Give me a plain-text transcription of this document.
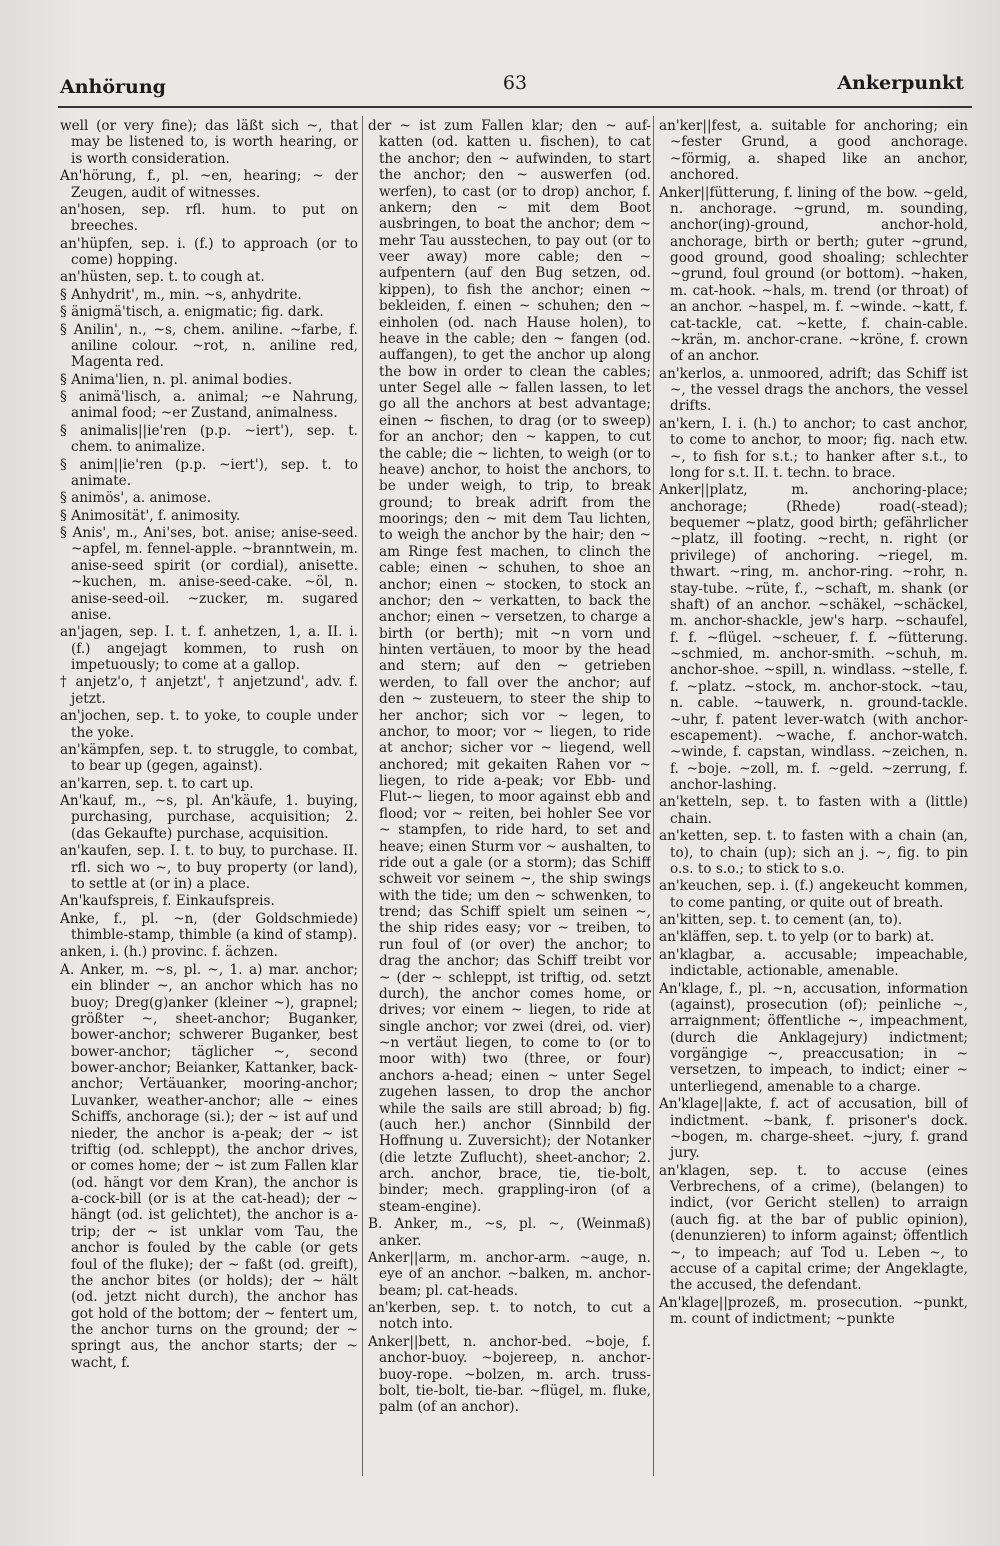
Anhörung	63	Ankerpunkt

well (or very fine); das läßt sich ~, that may be listened to, is worth hearing, or is worth consideration.

An'hörung, f., pl. ~en, hearing; ~ der Zeugen, audit of witnesses.

an'hosen, sep. rfl. hum. to put on breeches.

an'hüpfen, sep. i. (f.) to approach (or to come) hopping.

an'hüsten, sep. t. to cough at.

§ Anhydrit', m., min. ~s, anhydrite.

§ änigmä'tisch, a. enigmatic; fig. dark.

§ Anilin', n., ~s, chem. aniline. ~farbe, f. aniline colour. ~rot, n. aniline red, Magenta red.

§ Anima'lien, n. pl. animal bodies.

§ animä'lisch, a. animal; ~e Nahrung, animal food; ~er Zustand, animalness.

§ animalis||ie'ren (p.p. ~iert'), sep. t. chem. to animalize.

§ anim||ie'ren (p.p. ~iert'), sep. t. to animate.

§ animös', a. animose.

§ Animosität', f. animosity.

§ Anis', m., Ani'ses, bot. anise; anise-seed. ~apfel, m. fennel-apple. ~branntwein, m. anise-seed spirit (or cordial), anisette. ~kuchen, m. anise-seed-cake. ~öl, n. anise-seed-oil. ~zucker, m. sugared anise.

an'jagen, sep. I. t. f. anhetzen, 1, a. II. i. (f.) angejagt kommen, to rush on impetuously; to come at a gallop.

† anjetz'o, † anjetzt', † anjetzund', adv. f. jetzt.

an'jochen, sep. t. to yoke, to couple under the yoke.

an'kämpfen, sep. t. to struggle, to combat, to bear up (gegen, against).

an'karren, sep. t. to cart up.

An'kauf, m., ~s, pl. An'käufe, 1. buying, purchasing, purchase, acquisition; 2. (das Gekaufte) purchase, acquisition.

an'kaufen, sep. I. t. to buy, to purchase. II. rfl. sich wo ~, to buy property (or land), to settle at (or in) a place.

An'kaufspreis, f. Einkaufspreis.

Anke, f., pl. ~n, (der Goldschmiede) thimble-stamp, thimble (a kind of stamp).

anken, i. (h.) provinc. f. ächzen.

A. Anker, m. ~s, pl. ~, 1. a) mar. anchor; ein blinder ~, an anchor which has no buoy; Dreg(g)anker (kleiner ~), grapnel; größter ~, sheet-anchor; Buganker, bower-anchor; schwerer Buganker, best bower-anchor; täglicher ~, second bower-anchor; Beianker, Kattanker, back-anchor; Vertäuanker, mooring-anchor; Luvanker, weather-anchor; alle ~ eines Schiffs, anchorage (si.); der ~ ist auf und nieder, the anchor is a-peak; der ~ ist triftig (od. schleppt), the anchor drives, or comes home; der ~ ist zum Fallen klar (od. hängt vor dem Kran), the anchor is a-cock-bill (or is at the cat-head); der ~ hängt (od. ist gelichtet), the anchor is a-trip; der ~ ist unklar vom Tau, the anchor is fouled by the cable (or gets foul of the fluke); der ~ faßt (od. greift), the anchor bites (or holds); der ~ hält (od. jetzt nicht durch), the anchor has got hold of the bottom; der ~ fentert um, the anchor turns on the ground; der ~ springt aus, the anchor starts; der ~ wacht, f.

der ~ ist zum Fallen klar; den ~ auf-katten (od. katten u. fischen), to cat the anchor; den ~ aufwinden, to start the anchor; den ~ auswerfen (od. werfen), to cast (or to drop) anchor, f. ankern; den ~ mit dem Boot ausbringen, to boat the anchor; dem ~ mehr Tau ausstechen, to pay out (or to veer away) more cable; den ~ aufpentern (auf den Bug setzen, od. kippen), to fish the anchor; einen ~ bekleiden, f. einen ~ schuhen; den ~ einholen (od. nach Hause holen), to heave in the cable; den ~ fangen (od. auffangen), to get the anchor up along the bow in order to clean the cables; unter Segel alle ~ fallen lassen, to let go all the anchors at best advantage; einen ~ fischen, to drag (or to sweep) for an anchor; den ~ kappen, to cut the cable; die ~ lichten, to weigh (or to heave) anchor, to hoist the anchors, to be under weigh, to trip, to break ground; to break adrift from the moorings; den ~ mit dem Tau lichten, to weigh the anchor by the hair; den ~ am Ringe fest machen, to clinch the cable; einen ~ schuhen, to shoe an anchor; einen ~ stocken, to stock an anchor; den ~ verkatten, to back the anchor; einen ~ versetzen, to charge a birth (or berth); mit ~n vorn und hinten vertäuen, to moor by the head and stern; auf den ~ getrieben werden, to fall over the anchor; auf den ~ zusteuern, to steer the ship to her anchor; sich vor ~ legen, to anchor, to moor; vor ~ liegen, to ride at anchor; sicher vor ~ liegend, well anchored; mit gekaiten Rahen vor ~ liegen, to ride a-peak; vor Ebb- und Flut-~ liegen, to moor against ebb and flood; vor ~ reiten, bei hohler See vor ~ stampfen, to ride hard, to set and heave; einen Sturm vor ~ aushalten, to ride out a gale (or a storm); das Schiff schweit vor seinem ~, the ship swings with the tide; um den ~ schwenken, to trend; das Schiff spielt um seinen ~, the ship rides easy; vor ~ treiben, to run foul of (or over) the anchor; to drag the anchor; das Schiff treibt vor ~ (der ~ schleppt, ist triftig, od. setzt durch), the anchor comes home, or drives; vor einem ~ liegen, to ride at single anchor; vor zwei (drei, od. vier) ~n vertäut liegen, to come to (or to moor with) two (three, or four) anchors a-head; einen ~ unter Segel zugehen lassen, to drop the anchor while the sails are still abroad; b) fig. (auch her.) anchor (Sinnbild der Hoffnung u. Zuversicht); der Notanker (die letzte Zuflucht), sheet-anchor; 2. arch. anchor, brace, tie, tie-bolt, binder; mech. grappling-iron (of a steam-engine).

B. Anker, m., ~s, pl. ~, (Weinmaß) anker.

Anker||arm, m. anchor-arm. ~auge, n. eye of an anchor. ~balken, m. anchor-beam; pl. cat-heads.

an'kerben, sep. t. to notch, to cut a notch into.

Anker||bett, n. anchor-bed. ~boje, f. anchor-buoy. ~bojereep, n. anchor-buoy-rope. ~bolzen, m. arch. truss-bolt, tie-bolt, tie-bar. ~flügel, m. fluke, palm (of an anchor).

an'ker||fest, a. suitable for anchoring; ein ~fester Grund, a good anchorage. ~förmig, a. shaped like an anchor, anchored.

Anker||fütterung, f. lining of the bow. ~geld, n. anchorage. ~grund, m. sounding, anchor(ing)-ground, anchor-hold, anchorage, birth or berth; guter ~grund, good ground, good shoaling; schlechter ~grund, foul ground (or bottom). ~haken, m. cat-hook. ~hals, m. trend (or throat) of an anchor. ~haspel, m. f. ~winde. ~katt, f. cat-tackle, cat. ~kette, f. chain-cable. ~krän, m. anchor-crane. ~kröne, f. crown of an anchor.

an'kerlos, a. unmoored, adrift; das Schiff ist ~, the vessel drags the anchors, the vessel drifts.

an'kern, I. i. (h.) to anchor; to cast anchor, to come to anchor, to moor; fig. nach etw. ~, to fish for s.t.; to hanker after s.t., to long for s.t. II. t. techn. to brace.

Anker||platz, m. anchoring-place; anchorage; (Rhede) road(-stead); bequemer ~platz, good birth; gefährlicher ~platz, ill footing. ~recht, n. right (or privilege) of anchoring. ~riegel, m. thwart. ~ring, m. anchor-ring. ~rohr, n. stay-tube. ~rüte, f., ~schaft, m. shank (or shaft) of an anchor. ~schäkel, ~schäckel, m. anchor-shackle, jew's harp. ~schaufel, f. f. ~flügel. ~scheuer, f. f. ~fütterung. ~schmied, m. anchor-smith. ~schuh, m. anchor-shoe. ~spill, n. windlass. ~stelle, f. f. ~platz. ~stock, m. anchor-stock. ~tau, n. cable. ~tauwerk, n. ground-tackle. ~uhr, f. patent lever-watch (with anchor-escapement). ~wache, f. anchor-watch. ~winde, f. capstan, windlass. ~zeichen, n. f. ~boje. ~zoll, m. f. ~geld. ~zerrung, f. anchor-lashing.

an'ketteln, sep. t. to fasten with a (little) chain.

an'ketten, sep. t. to fasten with a chain (an, to), to chain (up); sich an j. ~, fig. to pin o.s. to s.o.; to stick to s.o.

an'keuchen, sep. i. (f.) angekeucht kommen, to come panting, or quite out of breath.

an'kitten, sep. t. to cement (an, to).

an'kläffen, sep. t. to yelp (or to bark) at.

an'klagbar, a. accusable; impeachable, indictable, actionable, amenable.

An'klage, f., pl. ~n, accusation, information (against), prosecution (of); peinliche ~, arraignment; öffentliche ~, impeachment, (durch die Anklagejury) indictment; vorgängige ~, preaccusation; in ~ versetzen, to impeach, to indict; einer ~ unterliegend, amenable to a charge.

An'klage||akte, f. act of accusation, bill of indictment. ~bank, f. prisoner's dock. ~bogen, m. charge-sheet. ~jury, f. grand jury.

an'klagen, sep. t. to accuse (eines Verbrechens, of a crime), (belangen) to indict, (vor Gericht stellen) to arraign (auch fig. at the bar of public opinion), (denunzieren) to inform against; öffentlich ~, to impeach; auf Tod u. Leben ~, to accuse of a capital crime; der Angeklagte, the accused, the defendant.

An'klage||prozeß, m. prosecution. ~punkt, m. count of indictment; ~punkte
